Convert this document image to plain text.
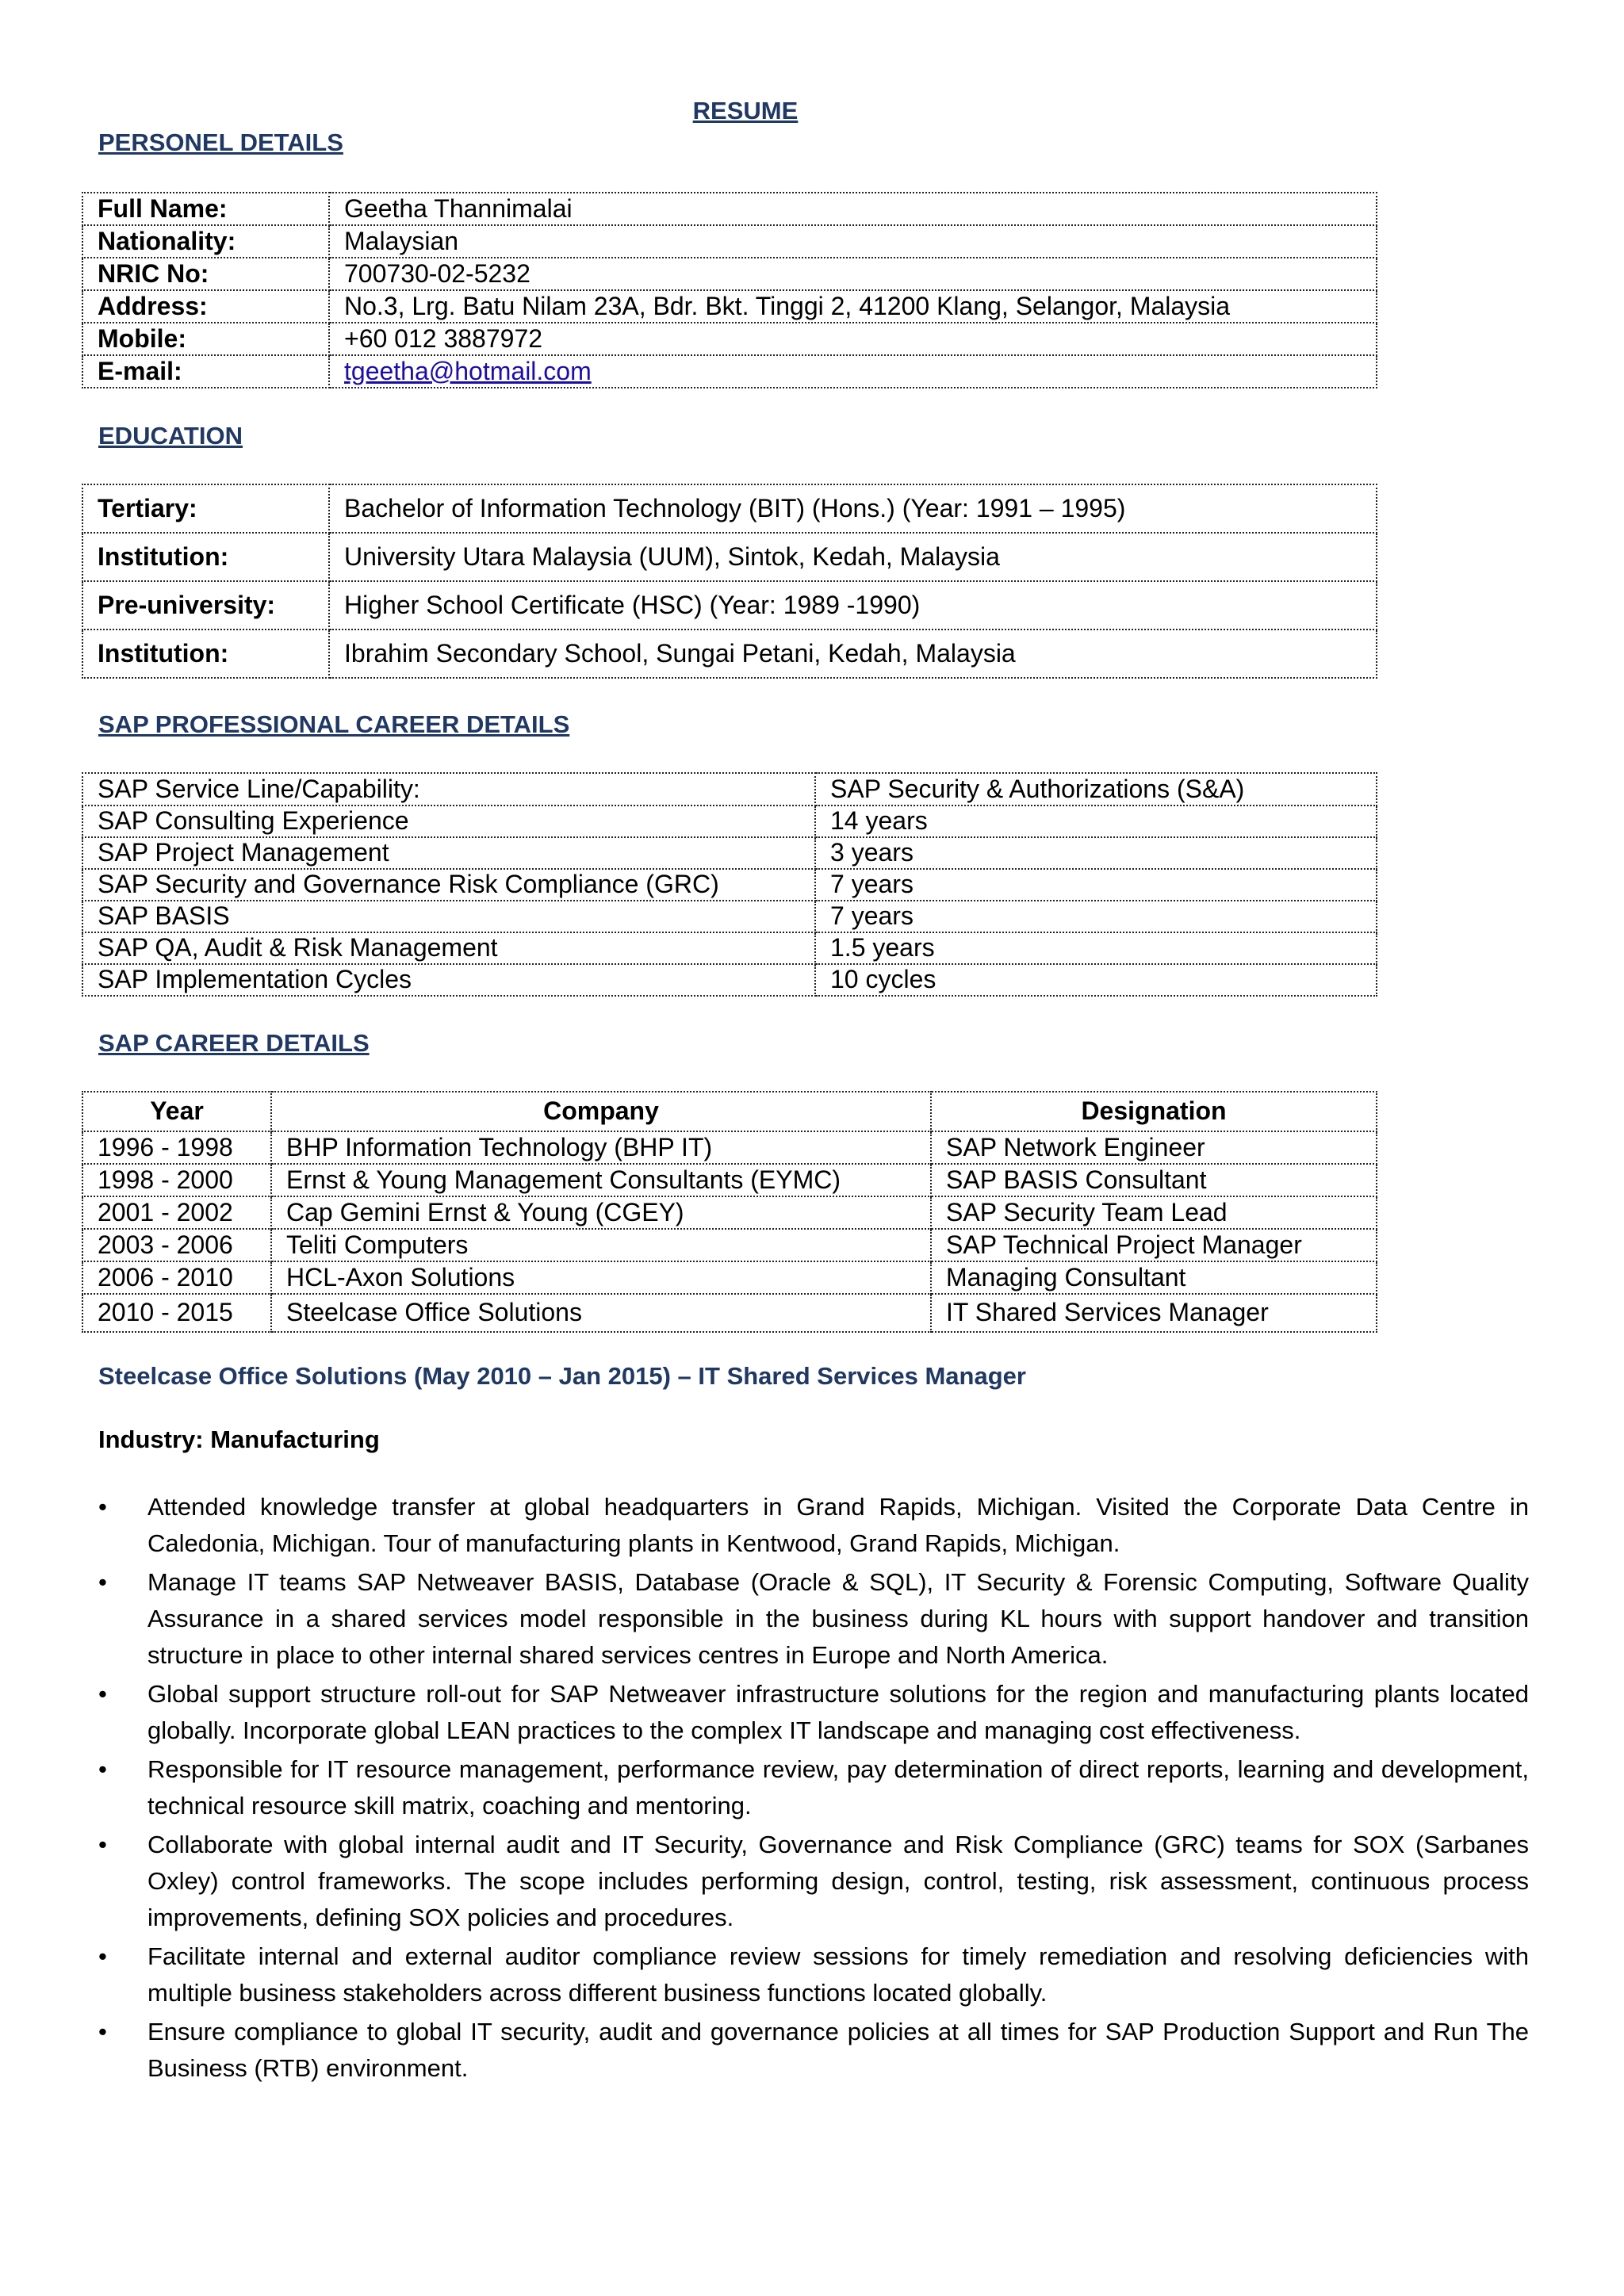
RESUME
PERSONEL DETAILS
Full Name:	Geetha Thannimalai
Nationality:	Malaysian
NRIC No:	700730-02-5232
Address:	No.3, Lrg. Batu Nilam 23A, Bdr. Bkt. Tinggi 2, 41200 Klang, Selangor, Malaysia
Mobile:	+60 012 3887972
E-mail:	tgeetha@hotmail.com
EDUCATION
Tertiary:	Bachelor of Information Technology (BIT) (Hons.) (Year: 1991 – 1995)
Institution:	University Utara Malaysia (UUM), Sintok, Kedah, Malaysia
Pre-university:	Higher School Certificate (HSC) (Year: 1989 -1990)
Institution:	Ibrahim Secondary School, Sungai Petani, Kedah, Malaysia
SAP PROFESSIONAL CAREER DETAILS
SAP Service Line/Capability:	SAP Security & Authorizations (S&A)
SAP Consulting Experience	14 years
SAP Project Management	3 years
SAP Security and Governance Risk Compliance (GRC)	7 years
SAP BASIS	7 years
SAP QA, Audit & Risk Management	1.5 years
SAP Implementation Cycles	10 cycles
SAP CAREER DETAILS
Year	Company	Designation
1996 - 1998	BHP Information Technology (BHP IT)	SAP Network Engineer
1998 - 2000	Ernst & Young Management Consultants (EYMC)	SAP BASIS Consultant
2001 - 2002	Cap Gemini Ernst & Young (CGEY)	SAP Security Team Lead
2003 - 2006	Teliti Computers	SAP Technical Project Manager
2006 - 2010	HCL-Axon Solutions	Managing Consultant
2010 - 2015	Steelcase Office Solutions	IT Shared Services Manager
Steelcase Office Solutions (May 2010 – Jan 2015) – IT Shared Services Manager
Industry: Manufacturing
•	Attended knowledge transfer at global headquarters in Grand Rapids, Michigan. Visited the Corporate Data Centre in Caledonia, Michigan. Tour of manufacturing plants in Kentwood, Grand Rapids, Michigan.
•	Manage IT teams SAP Netweaver BASIS, Database (Oracle & SQL), IT Security & Forensic Computing, Software Quality Assurance in a shared services model responsible in the business during KL hours with support handover and transition structure in place to other internal shared services centres in Europe and North America.
•	Global support structure roll-out for SAP Netweaver infrastructure solutions for the region and manufacturing plants located globally. Incorporate global LEAN practices to the complex IT landscape and managing cost effectiveness.
•	Responsible for IT resource management, performance review, pay determination of direct reports, learning and development, technical resource skill matrix, coaching and mentoring.
•	Collaborate with global internal audit and IT Security, Governance and Risk Compliance (GRC) teams for SOX (Sarbanes Oxley) control frameworks. The scope includes performing design, control, testing, risk assessment, continuous process improvements, defining SOX policies and procedures.
•	Facilitate internal and external auditor compliance review sessions for timely remediation and resolving deficiencies with multiple business stakeholders across different business functions located globally.
•	Ensure compliance to global IT security, audit and governance policies at all times for SAP Production Support and Run The Business (RTB) environment.
